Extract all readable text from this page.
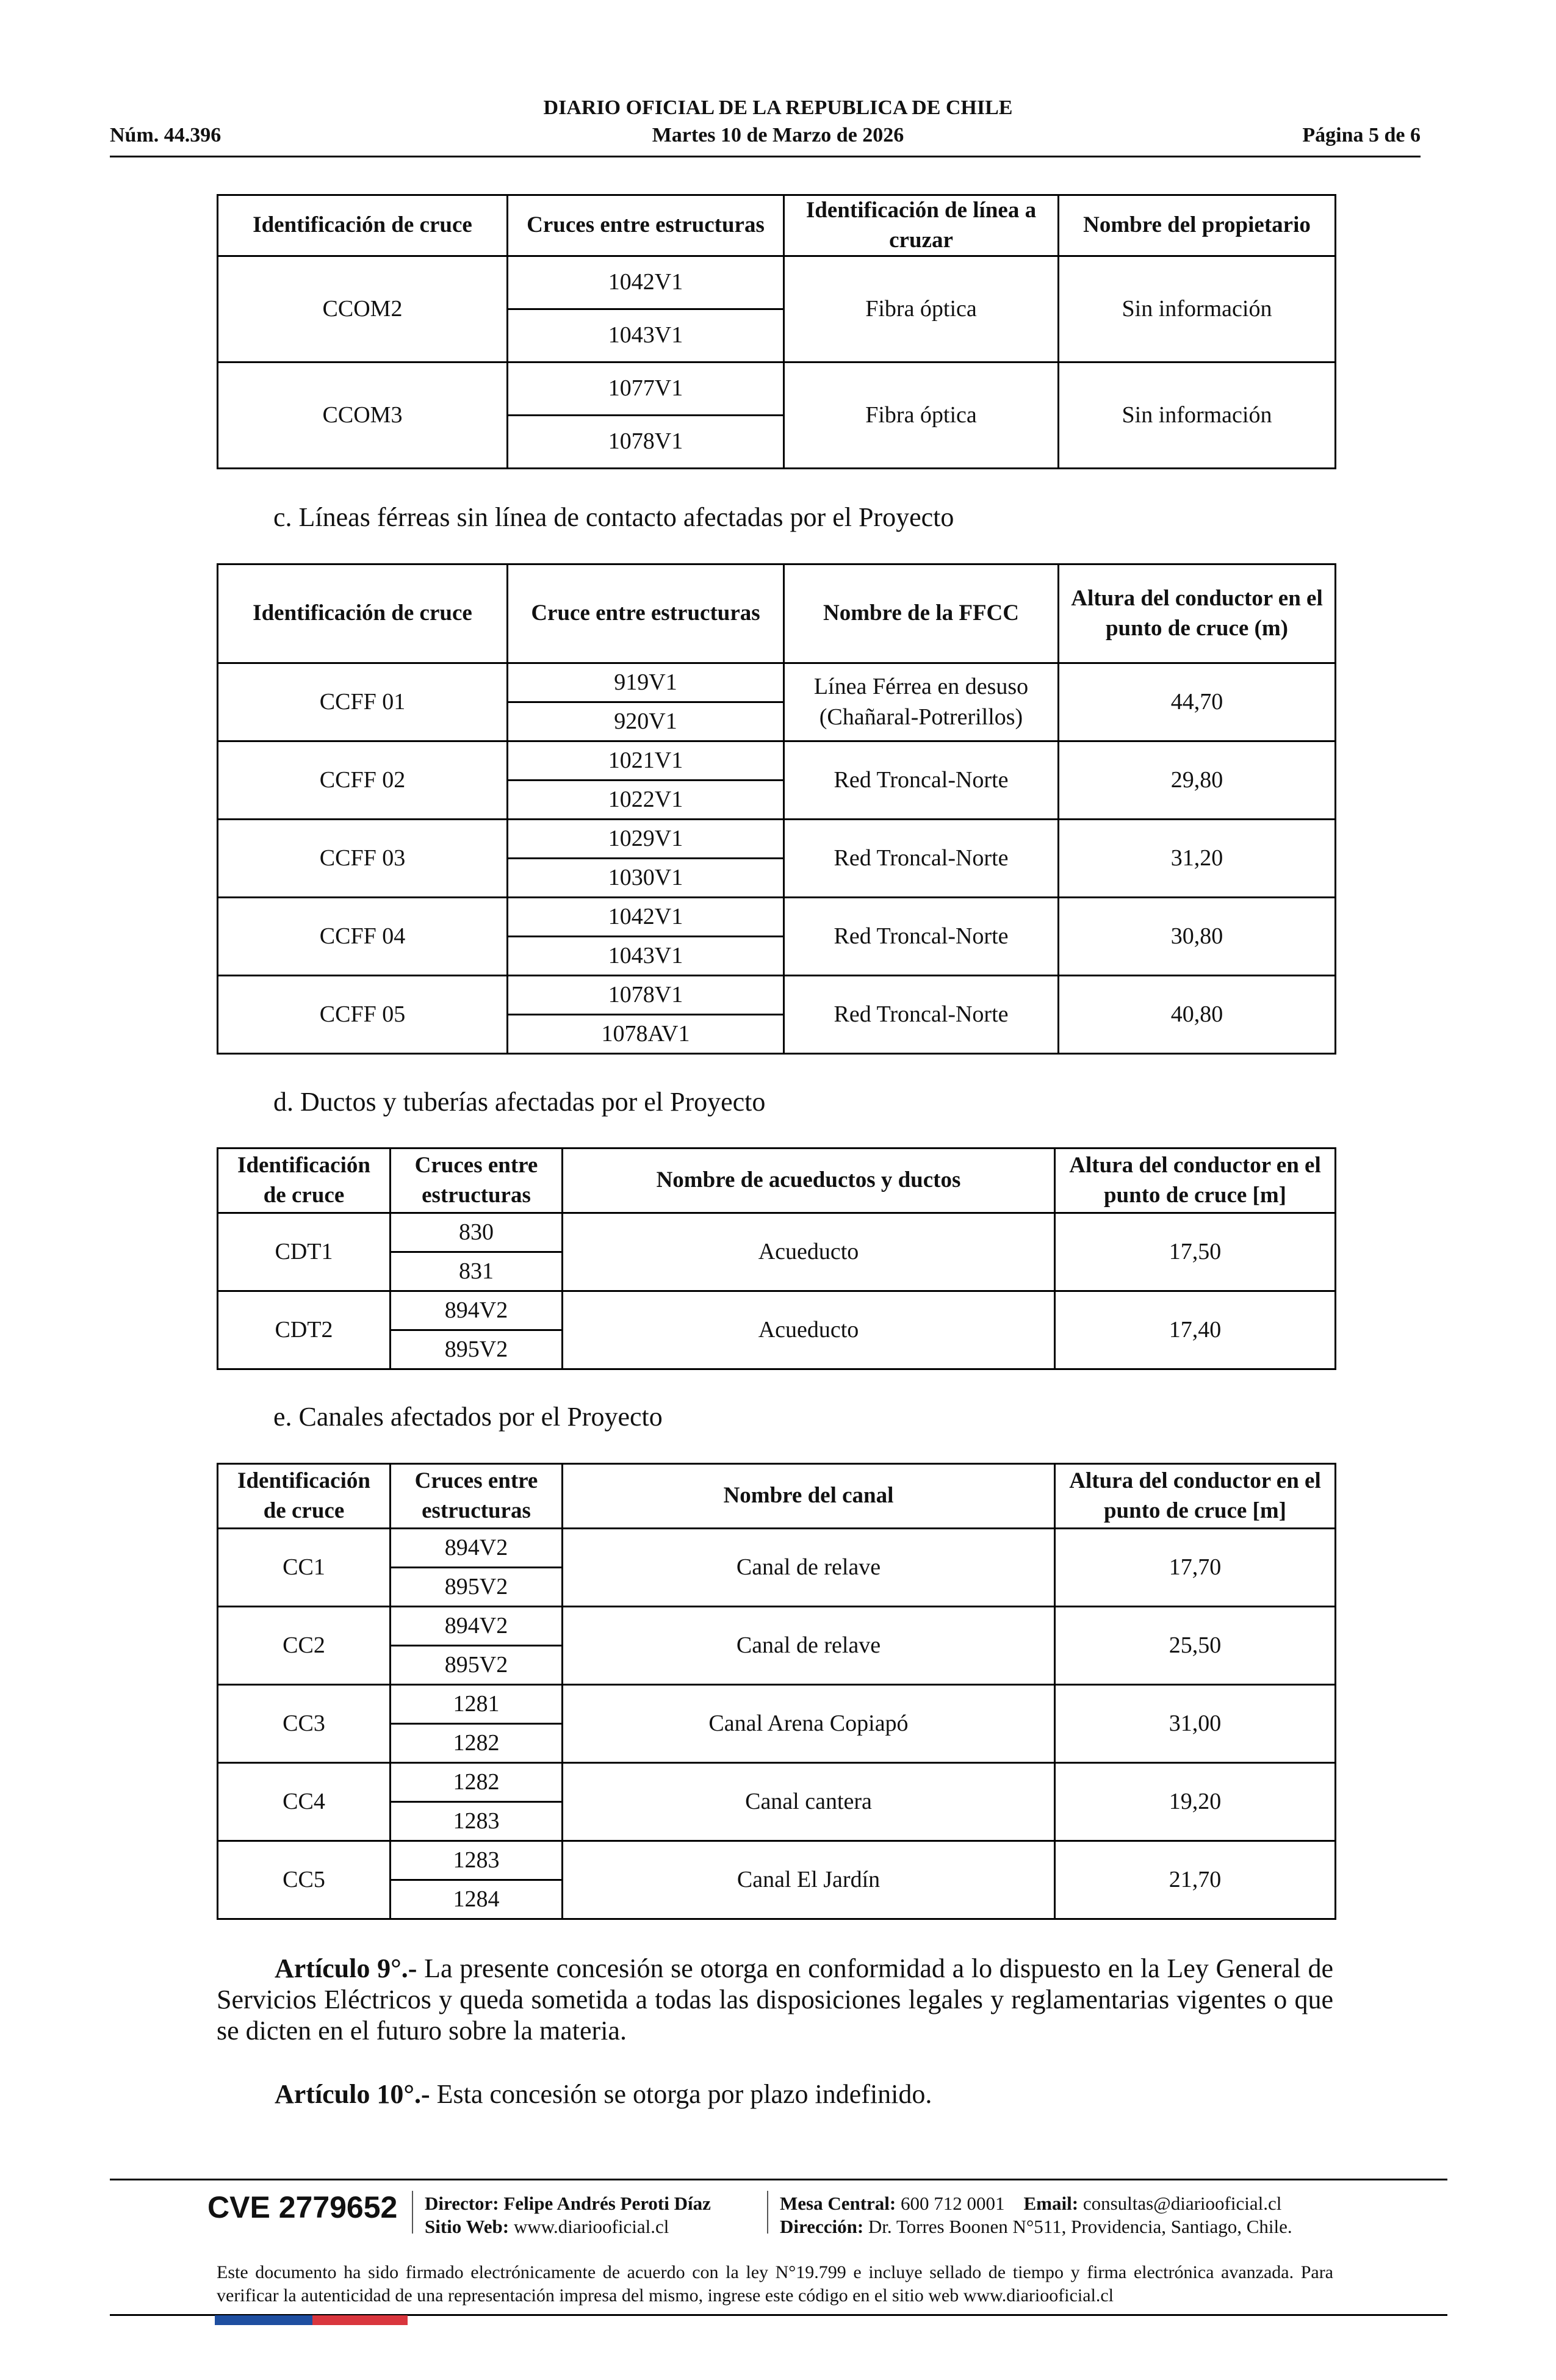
DIARIO OFICIAL DE LA REPUBLICA DE CHILE
Martes 10 de Marzo de 2026
Núm. 44.396	Página 5 de 6
Identificación de cruce	Cruces entre estructuras	Identificación de línea a cruzar	Nombre del propietario
CCOM2	1042V1	Fibra óptica	Sin información
	1043V1		
CCOM3	1077V1	Fibra óptica	Sin información
	1078V1		
c. Líneas férreas sin línea de contacto afectadas por el Proyecto
Identificación de cruce	Cruce entre estructuras	Nombre de la FFCC	Altura del conductor en el punto de cruce (m)
CCFF 01	919V1	Línea Férrea en desuso (Chañaral-Potrerillos)	44,70
	920V1		
CCFF 02	1021V1	Red Troncal-Norte	29,80
	1022V1		
CCFF 03	1029V1	Red Troncal-Norte	31,20
	1030V1		
CCFF 04	1042V1	Red Troncal-Norte	30,80
	1043V1		
CCFF 05	1078V1	Red Troncal-Norte	40,80
	1078AV1		
d. Ductos y tuberías afectadas por el Proyecto
Identificación de cruce	Cruces entre estructuras	Nombre de acueductos y ductos	Altura del conductor en el punto de cruce [m]
CDT1	830	Acueducto	17,50
	831		
CDT2	894V2	Acueducto	17,40
	895V2		
e. Canales afectados por el Proyecto
Identificación de cruce	Cruces entre estructuras	Nombre del canal	Altura del conductor en el punto de cruce [m]
CC1	894V2	Canal de relave	17,70
	895V2		
CC2	894V2	Canal de relave	25,50
	895V2		
CC3	1281	Canal Arena Copiapó	31,00
	1282		
CC4	1282	Canal cantera	19,20
	1283		
CC5	1283	Canal El Jardín	21,70
	1284		
Artículo 9°.- La presente concesión se otorga en conformidad a lo dispuesto en la Ley General de Servicios Eléctricos y queda sometida a todas las disposiciones legales y reglamentarias vigentes o que se dicten en el futuro sobre la materia.
Artículo 10°.- Esta concesión se otorga por plazo indefinido.
CVE 2779652 Director: Felipe Andrés Peroti Díaz
Sitio Web: www.diariooficial.cl
Mesa Central: 600 712 0001 Email: consultas@diariooficial.cl
Dirección: Dr. Torres Boonen N°511, Providencia, Santiago, Chile.
Este documento ha sido firmado electrónicamente de acuerdo con la ley N°19.799 e incluye sellado de tiempo y firma electrónica avanzada. Para verificar la autenticidad de una representación impresa del mismo, ingrese este código en el sitio web www.diariooficial.cl
